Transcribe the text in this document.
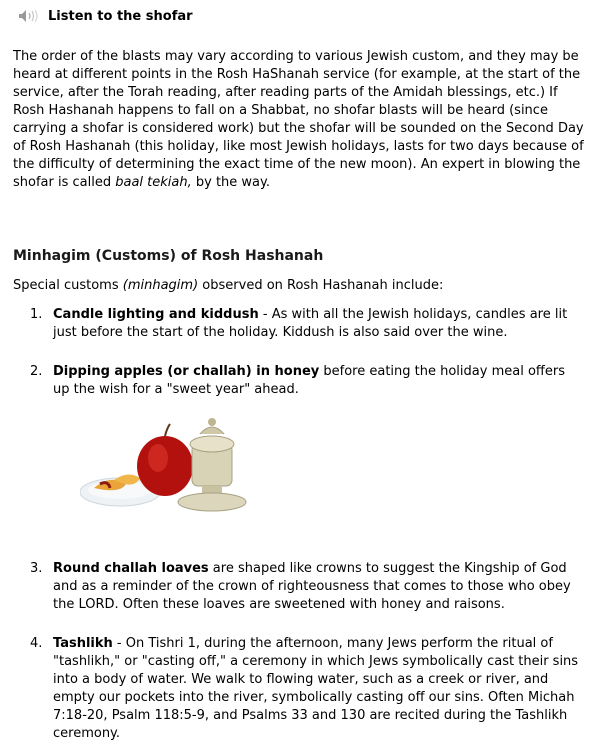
Listen to the shofar

The order of the blasts may vary according to various Jewish custom, and they may be heard at different points in the Rosh HaShanah service (for example, at the start of the service, after the Torah reading, after reading parts of the Amidah blessings, etc.) If Rosh Hashanah happens to fall on a Shabbat, no shofar blasts will be heard (since carrying a shofar is considered work) but the shofar will be sounded on the Second Day of Rosh Hashanah (this holiday, like most Jewish holidays, lasts for two days because of the difficulty of determining the exact time of the new moon). An expert in blowing the shofar is called baal tekiah, by the way.

Minhagim (Customs) of Rosh Hashanah

Special customs (minhagim) observed on Rosh Hashanah include:

1. Candle lighting and kiddush - As with all the Jewish holidays, candles are lit just before the start of the holiday. Kiddush is also said over the wine.
2. Dipping apples (or challah) in honey before eating the holiday meal offers up the wish for a "sweet year" ahead.
3. Round challah loaves are shaped like crowns to suggest the Kingship of God and as a reminder of the crown of righteousness that comes to those who obey the LORD. Often these loaves are sweetened with honey and raisons.
4. Tashlikh - On Tishri 1, during the afternoon, many Jews perform the ritual of "tashlikh," or "casting off," a ceremony in which Jews symbolically cast their sins into a body of water. We walk to flowing water, such as a creek or river, and empty our pockets into the river, symbolically casting off our sins. Often Michah 7:18-20, Psalm 118:5-9, and Psalms 33 and 130 are recited during the Tashlikh ceremony.
